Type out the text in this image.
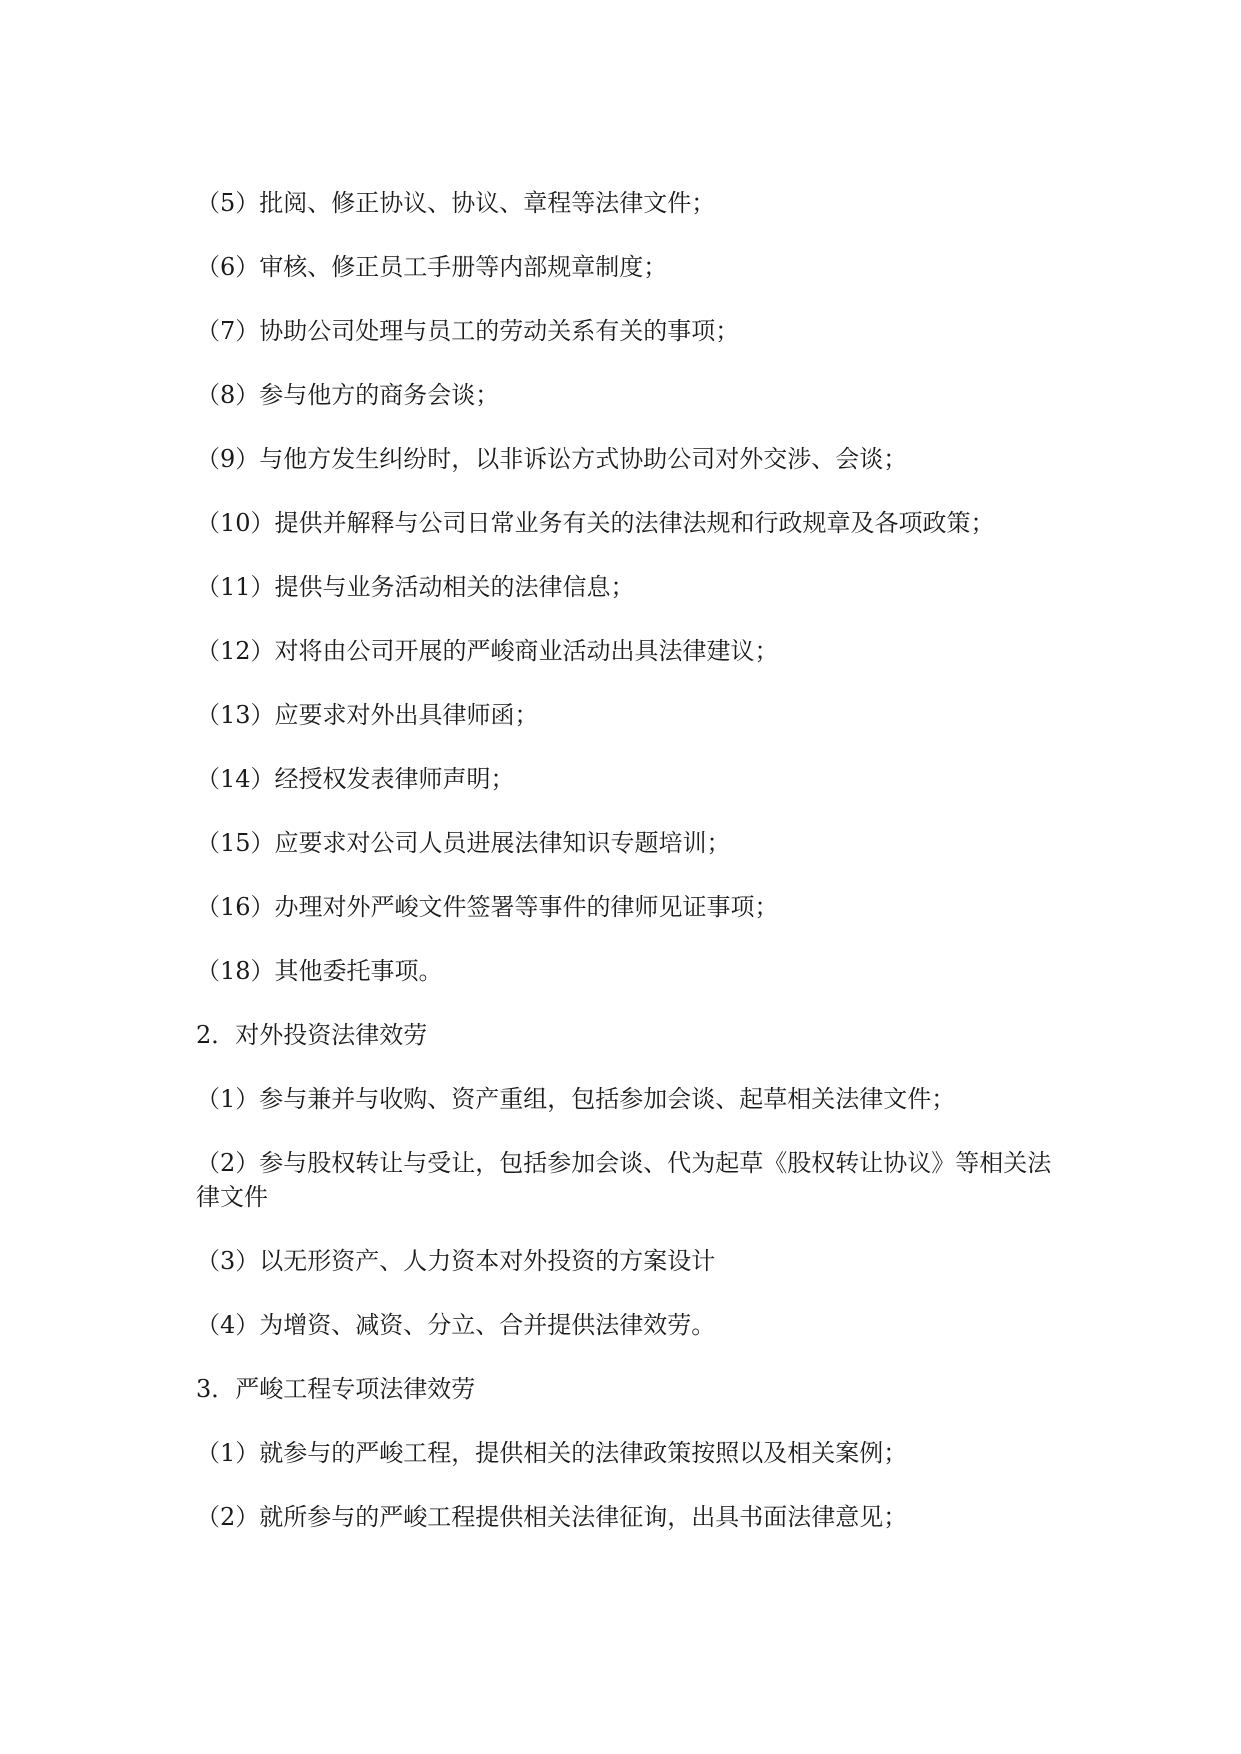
（5）批阅、修正协议、协议、章程等法律文件；

（6）审核、修正员工手册等内部规章制度；

（7）协助公司处理与员工的劳动关系有关的事项；

（8）参与他方的商务会谈；

（9）与他方发生纠纷时，以非诉讼方式协助公司对外交涉、会谈；

（10）提供并解释与公司日常业务有关的法律法规和行政规章及各项政策；

（11）提供与业务活动相关的法律信息；

（12）对将由公司开展的严峻商业活动出具法律建议；

（13）应要求对外出具律师函；

（14）经授权发表律师声明；

（15）应要求对公司人员进展法律知识专题培训；

（16）办理对外严峻文件签署等事件的律师见证事项；

（18）其他委托事项。

2．对外投资法律效劳

（1）参与兼并与收购、资产重组，包括参加会谈、起草相关法律文件；

（2）参与股权转让与受让，包括参加会谈、代为起草《股权转让协议》等相关法律文件

（3）以无形资产、人力资本对外投资的方案设计

（4）为增资、减资、分立、合并提供法律效劳。

3．严峻工程专项法律效劳

（1）就参与的严峻工程，提供相关的法律政策按照以及相关案例；

（2）就所参与的严峻工程提供相关法律征询，出具书面法律意见；
